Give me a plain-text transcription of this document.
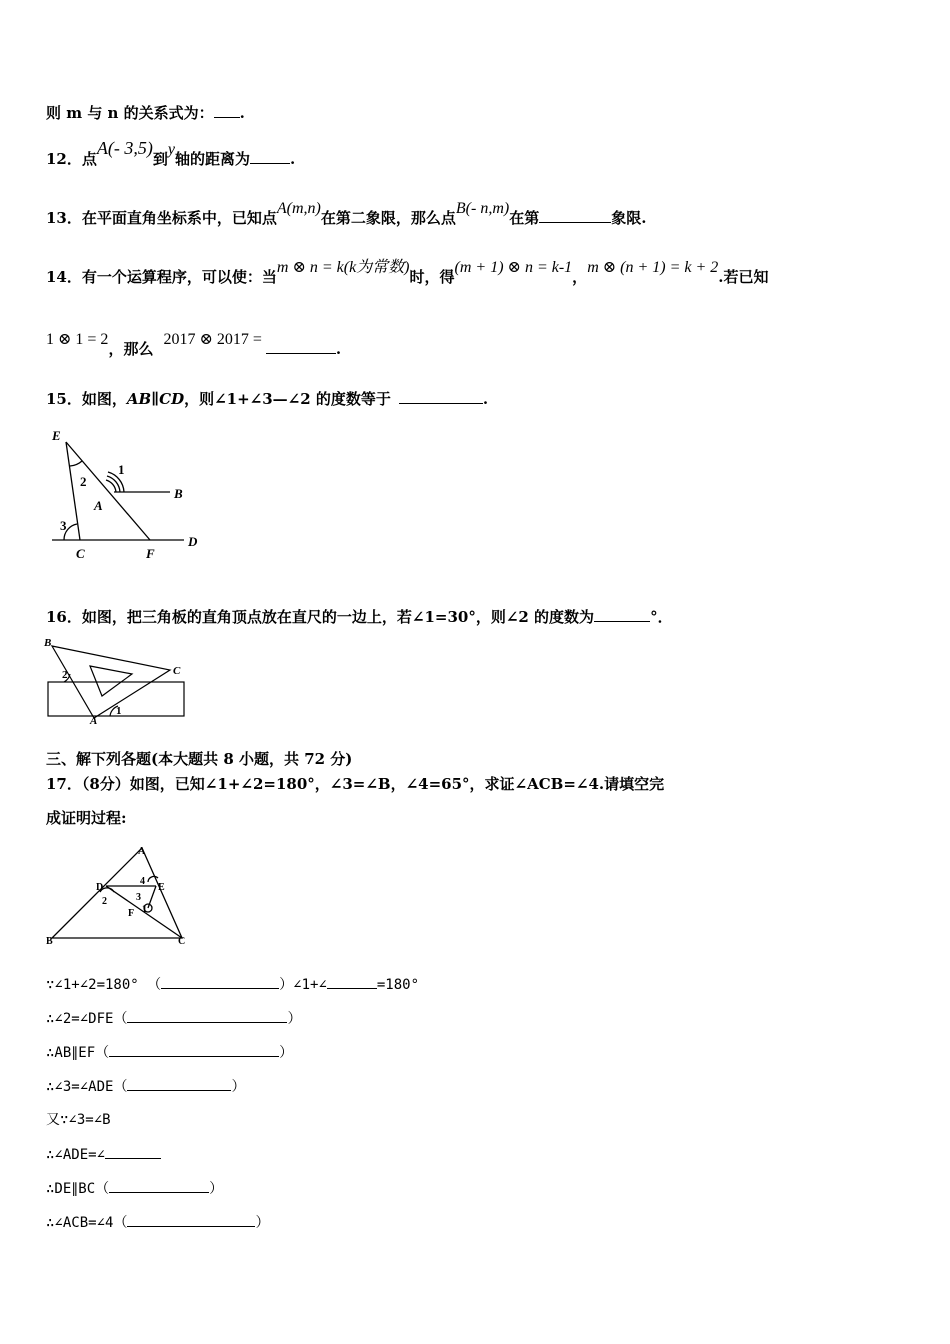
则 m 与 n 的关系式为： .
12．点A(- 3,5)到y轴的距离为	.
13．在平面直角坐标系中，已知点A(m,n)在第二象限，那么点B(- n,m)在第	象限.
14．有一个运算程序，可以使：当m ⊗ n = k(k为常数)时，得(m + 1) ⊗ n = k-1，m ⊗ (n + 1) = k + 2.若已知
1 ⊗ 1 = 2，那么2017 ⊗ 2017 =.
15．如图，AB∥CD，则∠1+∠3—∠2 的度数等于	.
E
1
2
A
B
3
C	F
D
16．如图，把三角板的直角顶点放在直尺的一边上，若∠1=30°，则∠2 的度数为	°．
B
C
2
A
1
三、解下列各题(本大题共 8 小题，共 72 分)
17．（8分）如图，已知∠1+∠2=180°，∠3=∠B，∠4=65°，求证∠ACB=∠4.请填空完
成证明过程:
A
D	E
4
2	3
F 1
B	C
∵∠1+∠2=180° （	）∠1+∠	=180°
∴∠2=∠DFE（	）
∴AB∥EF（	）
∴∠3=∠ADE（	）
又∵∠3=∠B
∴∠ADE=∠
∴DE∥BC（	）
∴∠ACB=∠4（	）
